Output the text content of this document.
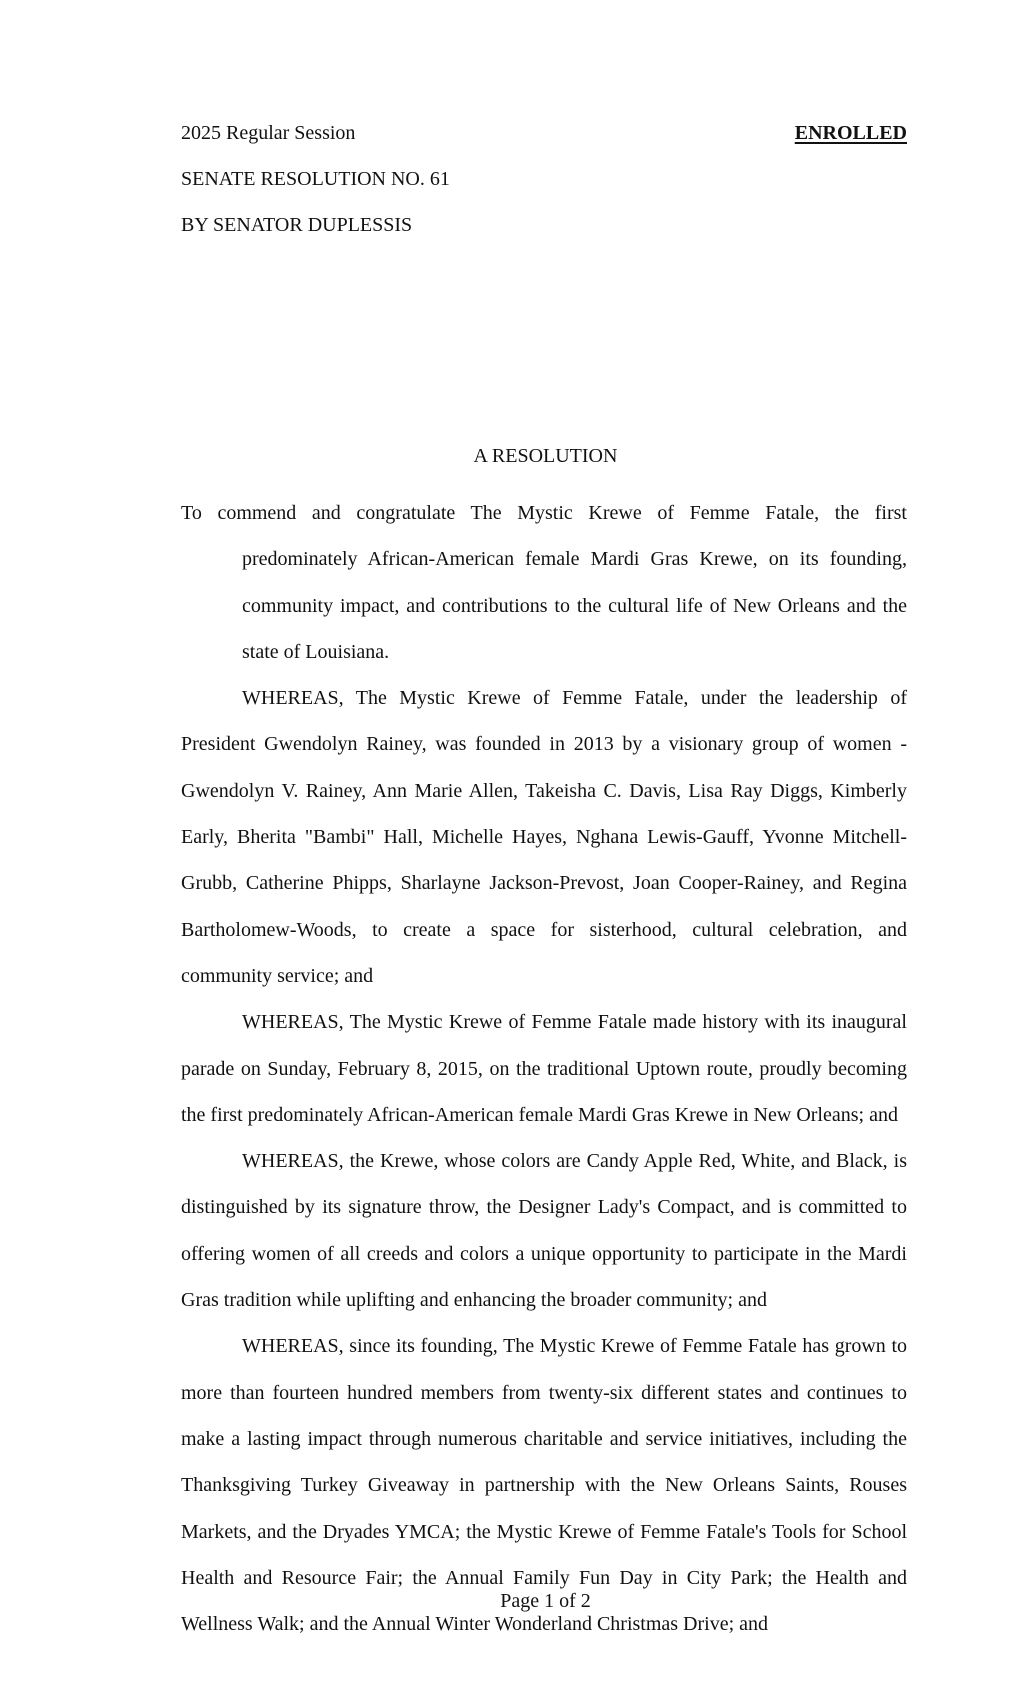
2025 Regular Session	ENROLLED
SENATE RESOLUTION NO. 61
BY SENATOR DUPLESSIS
A RESOLUTION

To commend and congratulate The Mystic Krewe of Femme Fatale, the first predominately African-American female Mardi Gras Krewe, on its founding, community impact, and contributions to the cultural life of New Orleans and the state of Louisiana.

WHEREAS, The Mystic Krewe of Femme Fatale, under the leadership of President Gwendolyn Rainey, was founded in 2013 by a visionary group of women - Gwendolyn V. Rainey, Ann Marie Allen, Takeisha C. Davis, Lisa Ray Diggs, Kimberly Early, Bherita "Bambi" Hall, Michelle Hayes, Nghana Lewis-Gauff, Yvonne Mitchell-Grubb, Catherine Phipps, Sharlayne Jackson-Prevost, Joan Cooper-Rainey, and Regina Bartholomew-Woods, to create a space for sisterhood, cultural celebration, and community service; and

WHEREAS, The Mystic Krewe of Femme Fatale made history with its inaugural parade on Sunday, February 8, 2015, on the traditional Uptown route, proudly becoming the first predominately African-American female Mardi Gras Krewe in New Orleans; and

WHEREAS, the Krewe, whose colors are Candy Apple Red, White, and Black, is distinguished by its signature throw, the Designer Lady's Compact, and is committed to offering women of all creeds and colors a unique opportunity to participate in the Mardi Gras tradition while uplifting and enhancing the broader community; and

WHEREAS, since its founding, The Mystic Krewe of Femme Fatale has grown to more than fourteen hundred members from twenty-six different states and continues to make a lasting impact through numerous charitable and service initiatives, including the Thanksgiving Turkey Giveaway in partnership with the New Orleans Saints, Rouses Markets, and the Dryades YMCA; the Mystic Krewe of Femme Fatale's Tools for School Health and Resource Fair; the Annual Family Fun Day in City Park; the Health and Wellness Walk; and the Annual Winter Wonderland Christmas Drive; and

Page 1 of 2
